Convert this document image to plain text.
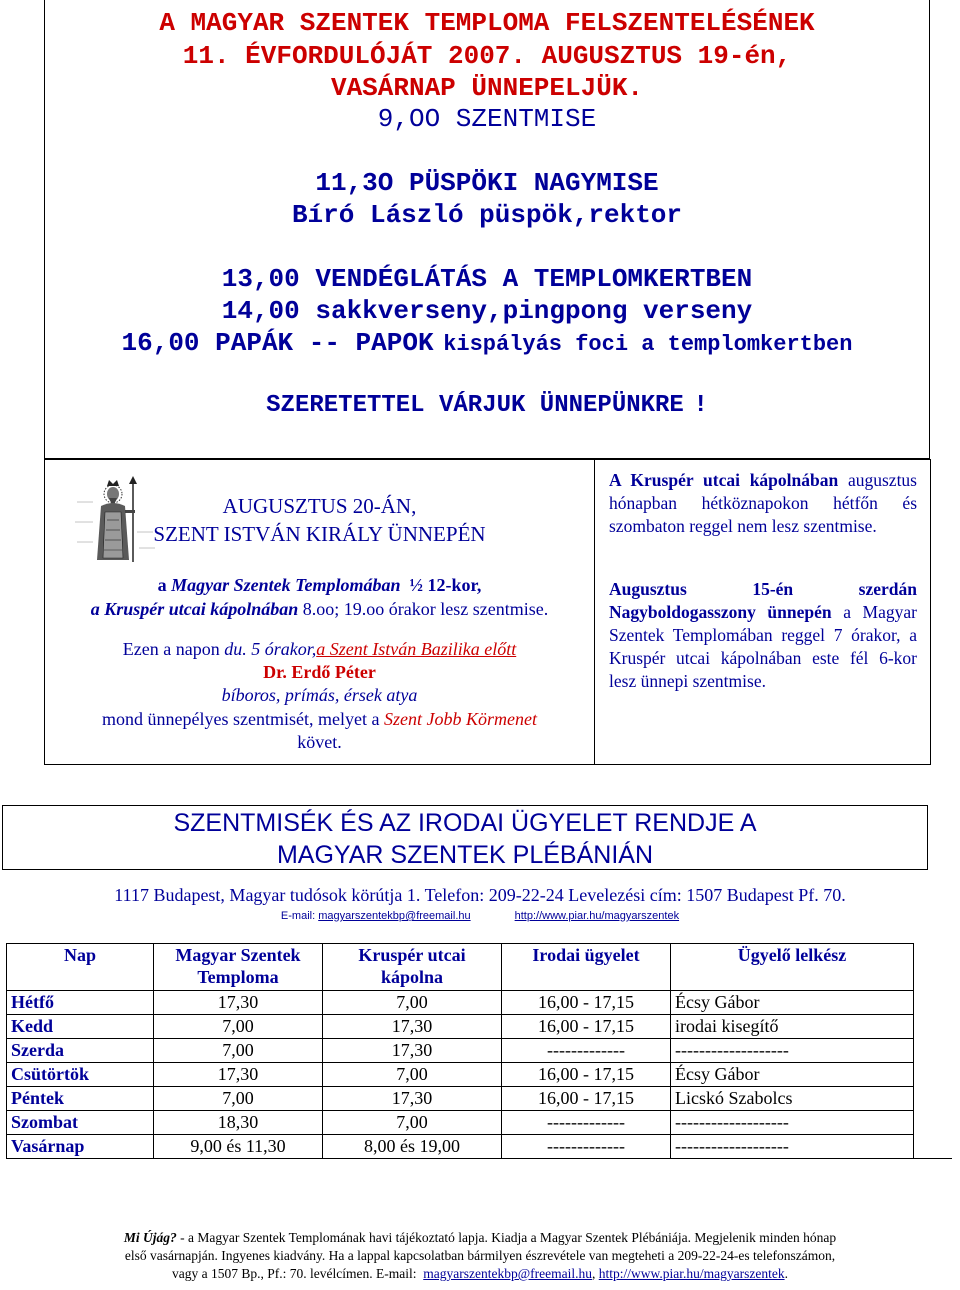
A MAGYAR SZENTEK TEMPLOMA FELSZENTELÉSÉNEK
11. ÉVFORDULÓJÁT 2007. AUGUSZTUS 19-én,
VASÁRNAP ÜNNEPELJÜK.
9,OO SZENTMISE
11,3O PÜSPÖKI NAGYMISE
Bíró László püspök,rektor
13,00 VENDÉGLÁTÁS A TEMPLOMKERTBEN
14,00 sakkverseny,pingpong verseny
16,00 PAPÁK -- PAPOK kispályás foci a templomkertben
SZERETETTEL VÁRJUK ÜNNEPÜNKRE !
AUGUSZTUS 20-ÁN,
SZENT ISTVÁN KIRÁLY ÜNNEPÉN
a Magyar Szentek Templomában  ½ 12-kor,
a Kruspér utcai kápolnában 8.oo; 19.oo órakor lesz szentmise.
Ezen a napon du. 5 órakor,a Szent István Bazilika előtt
Dr. Erdő Péter
bíboros, prímás, érsek atya
mond ünnepélyes szentmisét, melyet a Szent Jobb Körmenet
követ.
A Kruspér utcai kápolnában augusztus hónapban hétköznapokon hétfőn és szombaton reggel nem lesz szentmise.
Augusztus 15-én szerdán Nagyboldogasszony ünnepén a Magyar Szentek Templomában reggel 7 órakor, a Kruspér utcai kápolnában este fél 6-kor lesz ünnepi szentmise.
SZENTMISÉK ÉS AZ IRODAI ÜGYELET RENDJE A
MAGYAR SZENTEK PLÉBÁNIÁN
1117 Budapest, Magyar tudósok körútja 1. Telefon: 209-22-24 Levelezési cím: 1507 Budapest Pf. 70.
E-mail: magyarszentekbp@freemail.hu	http://www.piar.hu/magyarszentek
Nap	Magyar Szentek Temploma	Kruspér utcai kápolna	Irodai ügyelet	Ügyelő lelkész
Hétfő	17,30	7,00	16,00 - 17,15	Écsy Gábor
Kedd	7,00	17,30	16,00 - 17,15	irodai kisegítő
Szerda	7,00	17,30	-------------	-------------------
Csütörtök	17,30	7,00	16,00 - 17,15	Écsy Gábor
Péntek	7,00	17,30	16,00 - 17,15	Licskó Szabolcs
Szombat	18,30	7,00	-------------	-------------------
Vasárnap	9,00 és 11,30	8,00 és 19,00	-------------	-------------------
Mi Újág? - a Magyar Szentek Templomának havi tájékoztató lapja. Kiadja a Magyar Szentek Plébániája. Megjelenik minden hónap
első vasárnapján. Ingyenes kiadvány. Ha a lappal kapcsolatban bármilyen észrevétele van megteheti a 209-22-24-es telefonszámon,
vagy a 1507 Bp., Pf.: 70. levélcímen. E-mail:  magyarszentekbp@freemail.hu, http://www.piar.hu/magyarszentek.
